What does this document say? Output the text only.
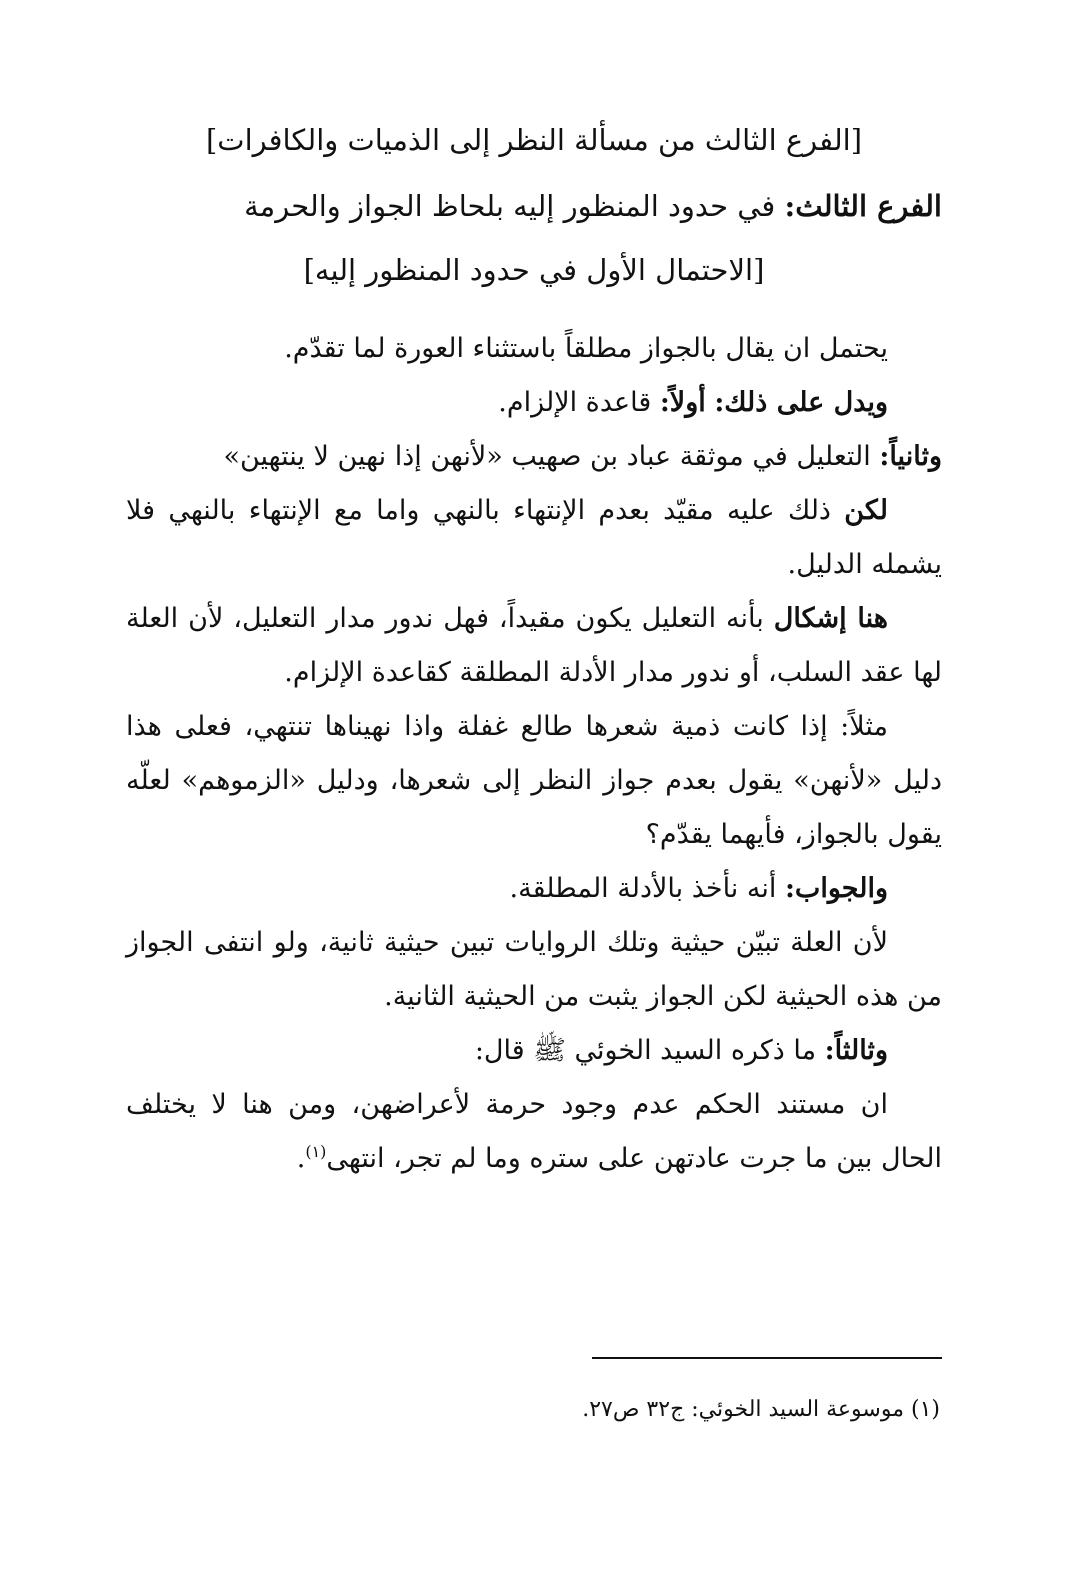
[الفرع الثالث من مسألة النظر إلى الذميات والكافرات]
الفرع الثالث: في حدود المنظور إليه بلحاظ الجواز والحرمة
[الاحتمال الأول في حدود المنظور إليه]

يحتمل ان يقال بالجواز مطلقاً باستثناء العورة لما تقدّم.

ويدل على ذلك: أولاً: قاعدة الإلزام.

وثانياً: التعليل في موثقة عباد بن صهيب «لأنهن إذا نهين لا ينتهين»

لكن ذلك عليه مقيّد بعدم الإنتهاء بالنهي واما مع الإنتهاء بالنهي فلا يشمله الدليل.

هنا إشكال بأنه التعليل يكون مقيداً، فهل ندور مدار التعليل، لأن العلة لها عقد السلب، أو ندور مدار الأدلة المطلقة كقاعدة الإلزام.

مثلاً: إذا كانت ذمية شعرها طالع غفلة واذا نهيناها تنتهي، فعلى هذا دليل «لأنهن» يقول بعدم جواز النظر إلى شعرها، ودليل «الزموهم» لعلّه يقول بالجواز، فأيهما يقدّم؟

والجواب: أنه نأخذ بالأدلة المطلقة.

لأن العلة تبيّن حيثية وتلك الروايات تبين حيثية ثانية، ولو انتفى الجواز من هذه الحيثية لكن الجواز يثبت من الحيثية الثانية.

وثالثاً: ما ذكره السيد الخوئي ﷺ قال:

ان مستند الحكم عدم وجود حرمة لأعراضهن، ومن هنا لا يختلف الحال بين ما جرت عادتهن على ستره وما لم تجر، انتهى$^{(١)}$.

(١) موسوعة السيد الخوئي: ج٣٢ ص٢٧.
